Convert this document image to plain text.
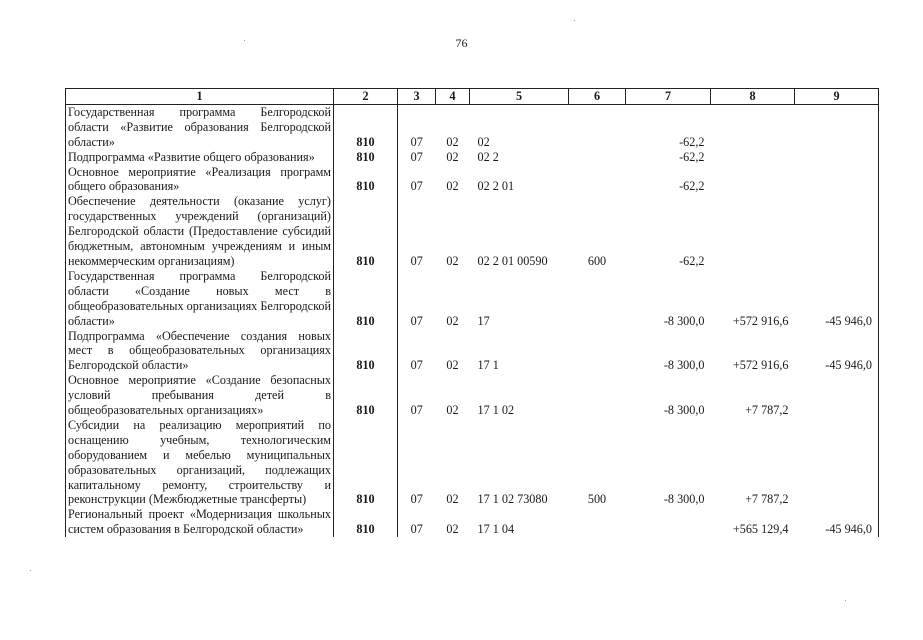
76
1	2	3	4	5	6	7	8	9
Государственная программа Белгородской области «Развитие образования Белгородской области»	810	07	02	02		-62,2		
Подпрограмма «Развитие общего образования»	810	07	02	02 2		-62,2		
Основное мероприятие «Реализация программ общего образования»	810	07	02	02 2 01		-62,2		
Обеспечение деятельности (оказание услуг) государственных учреждений (организаций) Белгородской области (Предоставление субсидий бюджетным, автономным учреждениям и иным некоммерческим организациям)	810	07	02	02 2 01 00590	600	-62,2		
Государственная программа Белгородской области «Создание новых мест в общеобразовательных организациях Белгородской области»	810	07	02	17		-8 300,0	+572 916,6	-45 946,0
Подпрограмма «Обеспечение создания новых мест в общеобразовательных организациях Белгородской области»	810	07	02	17 1		-8 300,0	+572 916,6	-45 946,0
Основное мероприятие «Создание безопасных условий пребывания детей в общеобразовательных организациях»	810	07	02	17 1 02		-8 300,0	+7 787,2	
Субсидии на реализацию мероприятий по оснащению учебным, технологическим оборудованием и мебелью муниципальных образовательных организаций, подлежащих капитальному ремонту, строительству и реконструкции (Межбюджетные трансферты)	810	07	02	17 1 02 73080	500	-8 300,0	+7 787,2	
Региональный проект «Модернизация школьных систем образования в Белгородской области»	810	07	02	17 1 04			+565 129,4	-45 946,0
